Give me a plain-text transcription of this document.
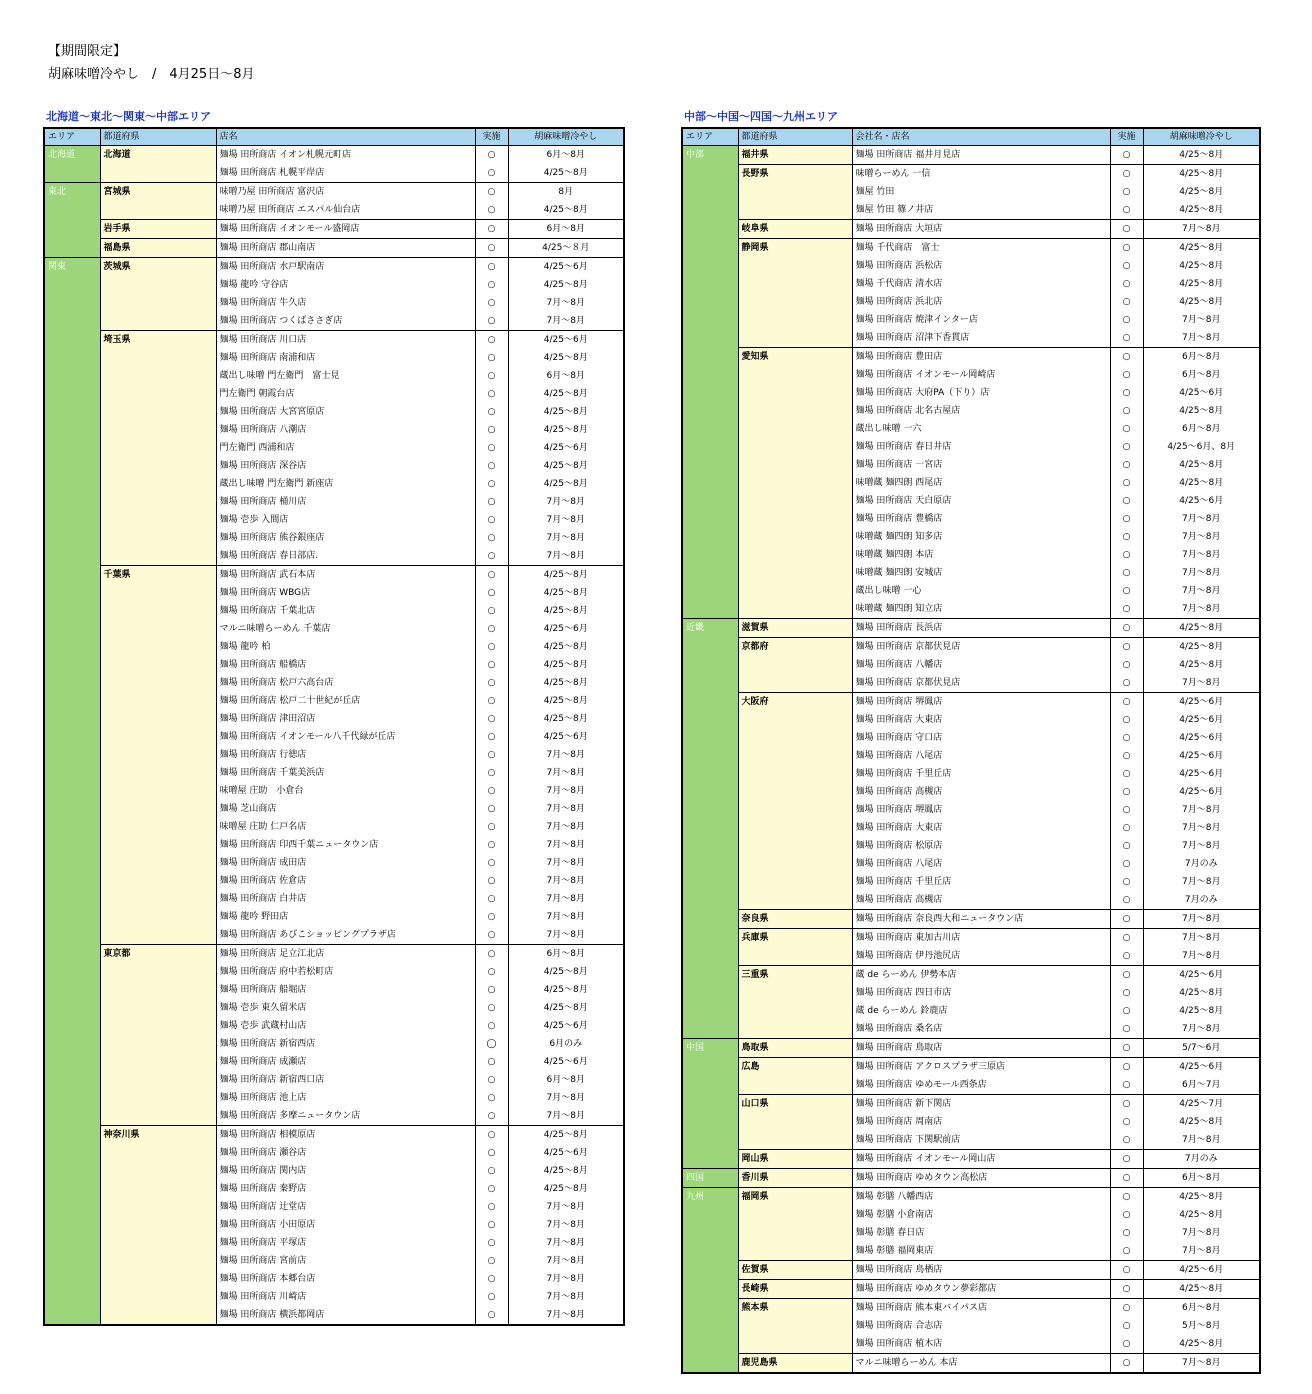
【期間限定】
胡麻味噌冷やし　/　4月25日〜8月
北海道〜東北〜関東〜中部エリア	中部〜中国〜四国〜九州エリア
エリア	都道府県	店名	実施	胡麻味噌冷やし
北海道	北海道	麺場 田所商店 イオン札幌元町店	○	6月〜8月
		麺場 田所商店 札幌平岸店	○	4/25〜8月
東北	宮城県	味噌乃屋 田所商店 富沢店	○	8月
		味噌乃屋 田所商店 エスパル仙台店	○	4/25〜8月
	岩手県	麺場 田所商店 イオンモール盛岡店	○	6月〜8月
	福島県	麺場 田所商店 郡山南店	○	4/25〜８月
関東	茨城県	麺場 田所商店 水戸駅南店	○	4/25〜6月
		麺場 龍吟 守谷店	○	4/25〜8月
		麺場 田所商店 牛久店	○	7月〜8月
		麺場 田所商店 つくばささぎ店	○	7月〜8月
	埼玉県	麺場 田所商店 川口店	○	4/25〜6月
		麺場 田所商店 南浦和店	○	4/25〜8月
		蔵出し味噌 門左衛門　富士見	○	6月〜8月
		門左衛門 朝霞台店	○	4/25〜8月
		麺場 田所商店 大宮宮原店	○	4/25〜8月
		麺場 田所商店 八潮店	○	4/25〜8月
		門左衛門 西浦和店	○	4/25〜6月
		麺場 田所商店 深谷店	○	4/25〜8月
		蔵出し味噌 門左衛門 新座店	○	4/25〜8月
		麺場 田所商店 桶川店	○	7月〜8月
		麺場 壱歩 入間店	○	7月〜8月
		麺場 田所商店 熊谷銀座店	○	7月〜8月
		麺場 田所商店 春日部店.	○	7月〜8月
	千葉県	麺場 田所商店 武石本店	○	4/25〜8月
		麺場 田所商店 WBG店	○	4/25〜8月
		麺場 田所商店 千葉北店	○	4/25〜8月
		マルニ味噌らーめん 千葉店	○	4/25〜6月
		麺場 龍吟 柏	○	4/25〜8月
		麺場 田所商店 船橋店	○	4/25〜8月
		麺場 田所商店 松戸六高台店	○	4/25〜8月
		麺場 田所商店 松戸二十世紀が丘店	○	4/25〜8月
		麺場 田所商店 津田沼店	○	4/25〜8月
		麺場 田所商店 イオンモール八千代緑が丘店	○	4/25〜6月
		麺場 田所商店 行徳店	○	7月〜8月
		麺場 田所商店 千葉美浜店	○	7月〜8月
		味噌屋 庄助　小倉台	○	7月〜8月
		麺場 芝山商店	○	7月〜8月
		味噌屋 庄助 仁戸名店	○	7月〜8月
		麺場 田所商店 印西千葉ニュータウン店	○	7月〜8月
		麺場 田所商店 成田店	○	7月〜8月
		麺場 田所商店 佐倉店	○	7月〜8月
		麺場 田所商店 白井店	○	7月〜8月
		麺場 龍吟 野田店	○	7月〜8月
		麺場 田所商店 あびこショッピングプラザ店	○	7月〜8月
	東京都	麺場 田所商店 足立江北店	○	6月〜8月
		麺場 田所商店 府中若松町店	○	4/25〜8月
		麺場 田所商店 船堀店	○	4/25〜8月
		麺場 壱歩 東久留米店	○	4/25〜8月
		麺場 壱歩 武蔵村山店	○	4/25〜6月
		麺場 田所商店 新宿西店	◯	6月のみ
		麺場 田所商店 成瀬店	○	4/25〜6月
		麺場 田所商店 新宿西口店	○	6月〜8月
		麺場 田所商店 池上店	○	7月〜8月
		麺場 田所商店 多摩ニュータウン店	○	7月〜8月
	神奈川県	麺場 田所商店 相模原店	○	4/25〜8月
		麺場 田所商店 瀬谷店	○	4/25〜6月
		麺場 田所商店 関内店	○	4/25〜8月
		麺場 田所商店 秦野店	○	4/25〜8月
		麺場 田所商店 辻堂店	○	7月〜8月
		麺場 田所商店 小田原店	○	7月〜8月
		麺場 田所商店 平塚店	○	7月〜8月
		麺場 田所商店 宮前店	○	7月〜8月
		麺場 田所商店 本郷台店	○	7月〜8月
		麺場 田所商店 川崎店	○	7月〜8月
		麺場 田所商店 横浜都岡店	○	7月〜8月
エリア	都道府県	会社名・店名	実施	胡麻味噌冷やし
中部	福井県	麺場 田所商店 福井月見店	○	4/25〜8月
	長野県	味噌らーめん 一信	○	4/25〜8月
		麺屋 竹田	○	4/25〜8月
		麺屋 竹田 篠ノ井店	○	4/25〜8月
	岐阜県	麺場 田所商店 大垣店	○	7月〜8月
	静岡県	麺場 千代商店　富士	○	4/25〜8月
		麺場 田所商店 浜松店	○	4/25〜8月
		麺場 千代商店 清水店	○	4/25〜8月
		麺場 田所商店 浜北店	○	4/25〜8月
		麺場 田所商店 焼津インター店	○	7月〜8月
		麺場 田所商店 沼津下香貫店	○	7月〜8月
	愛知県	麺場 田所商店 豊田店	○	6月〜8月
		麺場 田所商店 イオンモール岡崎店	○	6月〜8月
		麺場 田所商店 大府PA（下り）店	○	4/25〜6月
		麺場 田所商店 北名古屋店	○	4/25〜8月
		蔵出し味噌 一六	○	6月〜8月
		麺場 田所商店 春日井店	○	4/25〜6月、8月
		麺場 田所商店 一宮店	○	4/25〜8月
		味噌蔵 麺四朗 西尾店	○	4/25〜8月
		麺場 田所商店 天白原店	○	4/25〜6月
		麺場 田所商店 豊橋店	○	7月〜8月
		味噌蔵 麺四朗 知多店	○	7月〜8月
		味噌蔵 麺四朗 本店	○	7月〜8月
		味噌蔵 麺四朗 安城店	○	7月〜8月
		蔵出し味噌 一心	○	7月〜8月
		味噌蔵 麺四朗 知立店	○	7月〜8月
近畿	滋賀県	麺場 田所商店 長浜店	○	4/25〜8月
	京都府	麺場 田所商店 京都伏見店	○	4/25〜8月
		麺場 田所商店 八幡店	○	4/25〜8月
		麺場 田所商店 京都伏見店	○	7月〜8月
	大阪府	麺場 田所商店 堺鳳店	○	4/25〜6月
		麺場 田所商店 大東店	○	4/25〜6月
		麺場 田所商店 守口店	○	4/25〜6月
		麺場 田所商店 八尾店	○	4/25〜6月
		麺場 田所商店 千里丘店	○	4/25〜6月
		麺場 田所商店 高槻店	○	4/25〜6月
		麺場 田所商店 堺鳳店	○	7月〜8月
		麺場 田所商店 大東店	○	7月〜8月
		麺場 田所商店 松原店	○	7月〜8月
		麺場 田所商店 八尾店	○	7月のみ
		麺場 田所商店 千里丘店	○	7月〜8月
		麺場 田所商店 高槻店	○	7月のみ
	奈良県	麺場 田所商店 奈良西大和ニュータウン店	○	7月〜8月
	兵庫県	麺場 田所商店 東加古川店	○	7月〜8月
		麺場 田所商店 伊丹池尻店	○	7月〜8月
	三重県	蔵 de らーめん 伊勢本店	○	4/25〜6月
		麺場 田所商店 四日市店	○	4/25〜8月
		蔵 de らーめん 鈴鹿店	○	4/25〜8月
		麺場 田所商店 桑名店	○	7月〜8月
中国	鳥取県	麺場 田所商店 鳥取店	○	5/7〜6月
	広島	麺場 田所商店 アクロスプラザ三原店	○	4/25〜6月
		麺場 田所商店 ゆめモール西条店	○	6月〜7月
	山口県	麺場 田所商店 新下関店	○	4/25〜7月
		麺場 田所商店 周南店	○	4/25〜8月
		麺場 田所商店 下関駅前店	○	7月〜8月
	岡山県	麺場 田所商店 イオンモール岡山店	○	7月のみ
四国	香川県	麺場 田所商店 ゆめタウン高松店	○	6月〜8月
九州	福岡県	麺場 彰膳 八幡西店	○	4/25〜8月
		麺場 彰膳 小倉南店	○	4/25〜8月
		麺場 彰膳 春日店	○	7月〜8月
		麺場 彰膳 福岡東店	○	7月〜8月
	佐賀県	麺場 田所商店 鳥栖店	○	4/25〜6月
	長崎県	麺場 田所商店 ゆめタウン夢彩都店	○	4/25〜8月
	熊本県	麺場 田所商店 熊本東バイパス店	○	6月〜8月
		麺場 田所商店 合志店	○	5月〜8月
		麺場 田所商店 植木店	○	4/25〜8月
	鹿児島県	マルニ味噌らーめん 本店	○	7月〜8月
